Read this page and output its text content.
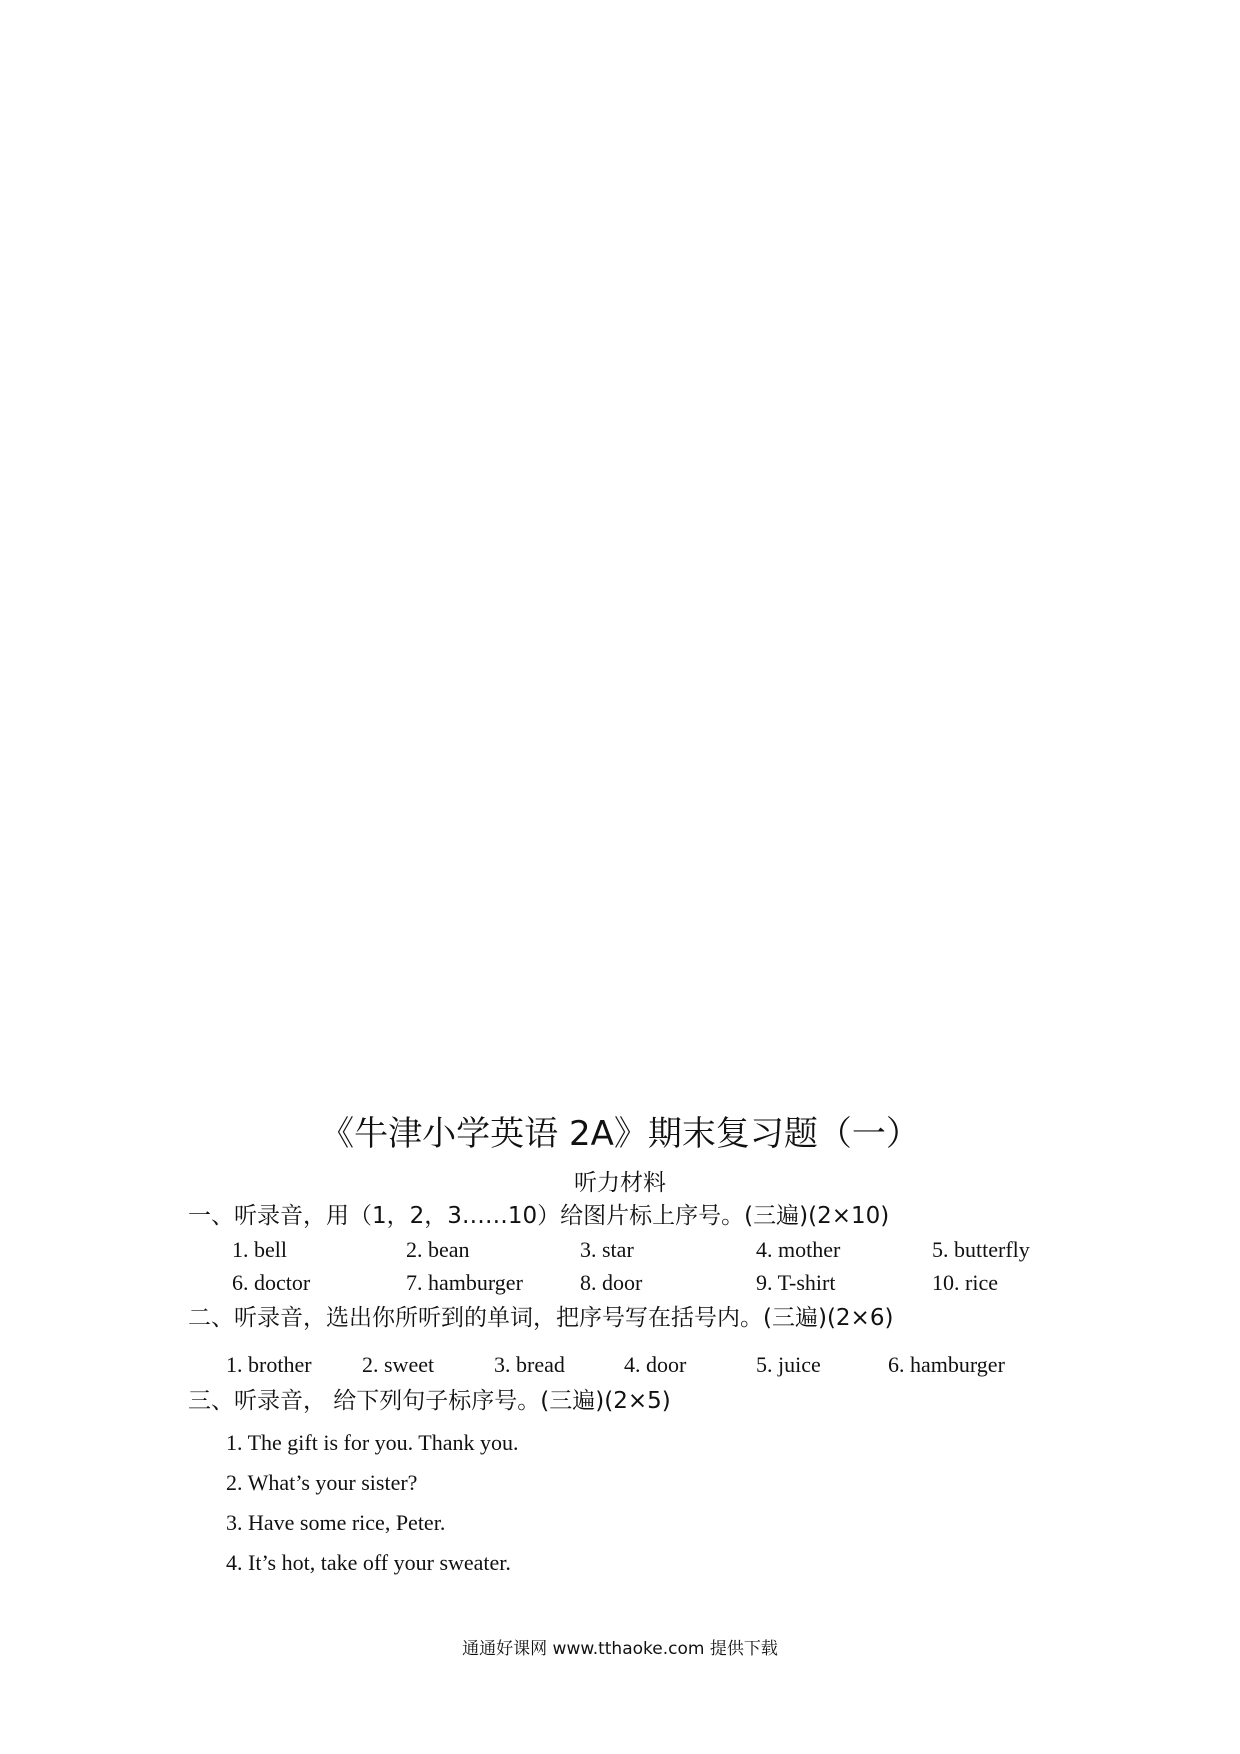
《牛津小学英语 2A》期末复习题（一）
听力材料
一、听录音，用（1，2，3……10）给图片标上序号。(三遍)(2×10)
1. bell	2. bean	3. star	4. mother	5. butterfly
6. doctor	7. hamburger	8. door	9. T-shirt	10. rice
二、听录音，选出你所听到的单词，把序号写在括号内。(三遍)(2×6)
1. brother 2. sweet	3. bread	4. door	5. juice	6. hamburger
三、听录音， 给下列句子标序号。(三遍)(2×5)
1. The gift is for you. Thank you.
2. What’s your sister?
3. Have some rice, Peter.
4. It’s hot, take off your sweater.
通通好课网 www.tthaoke.com 提供下载
